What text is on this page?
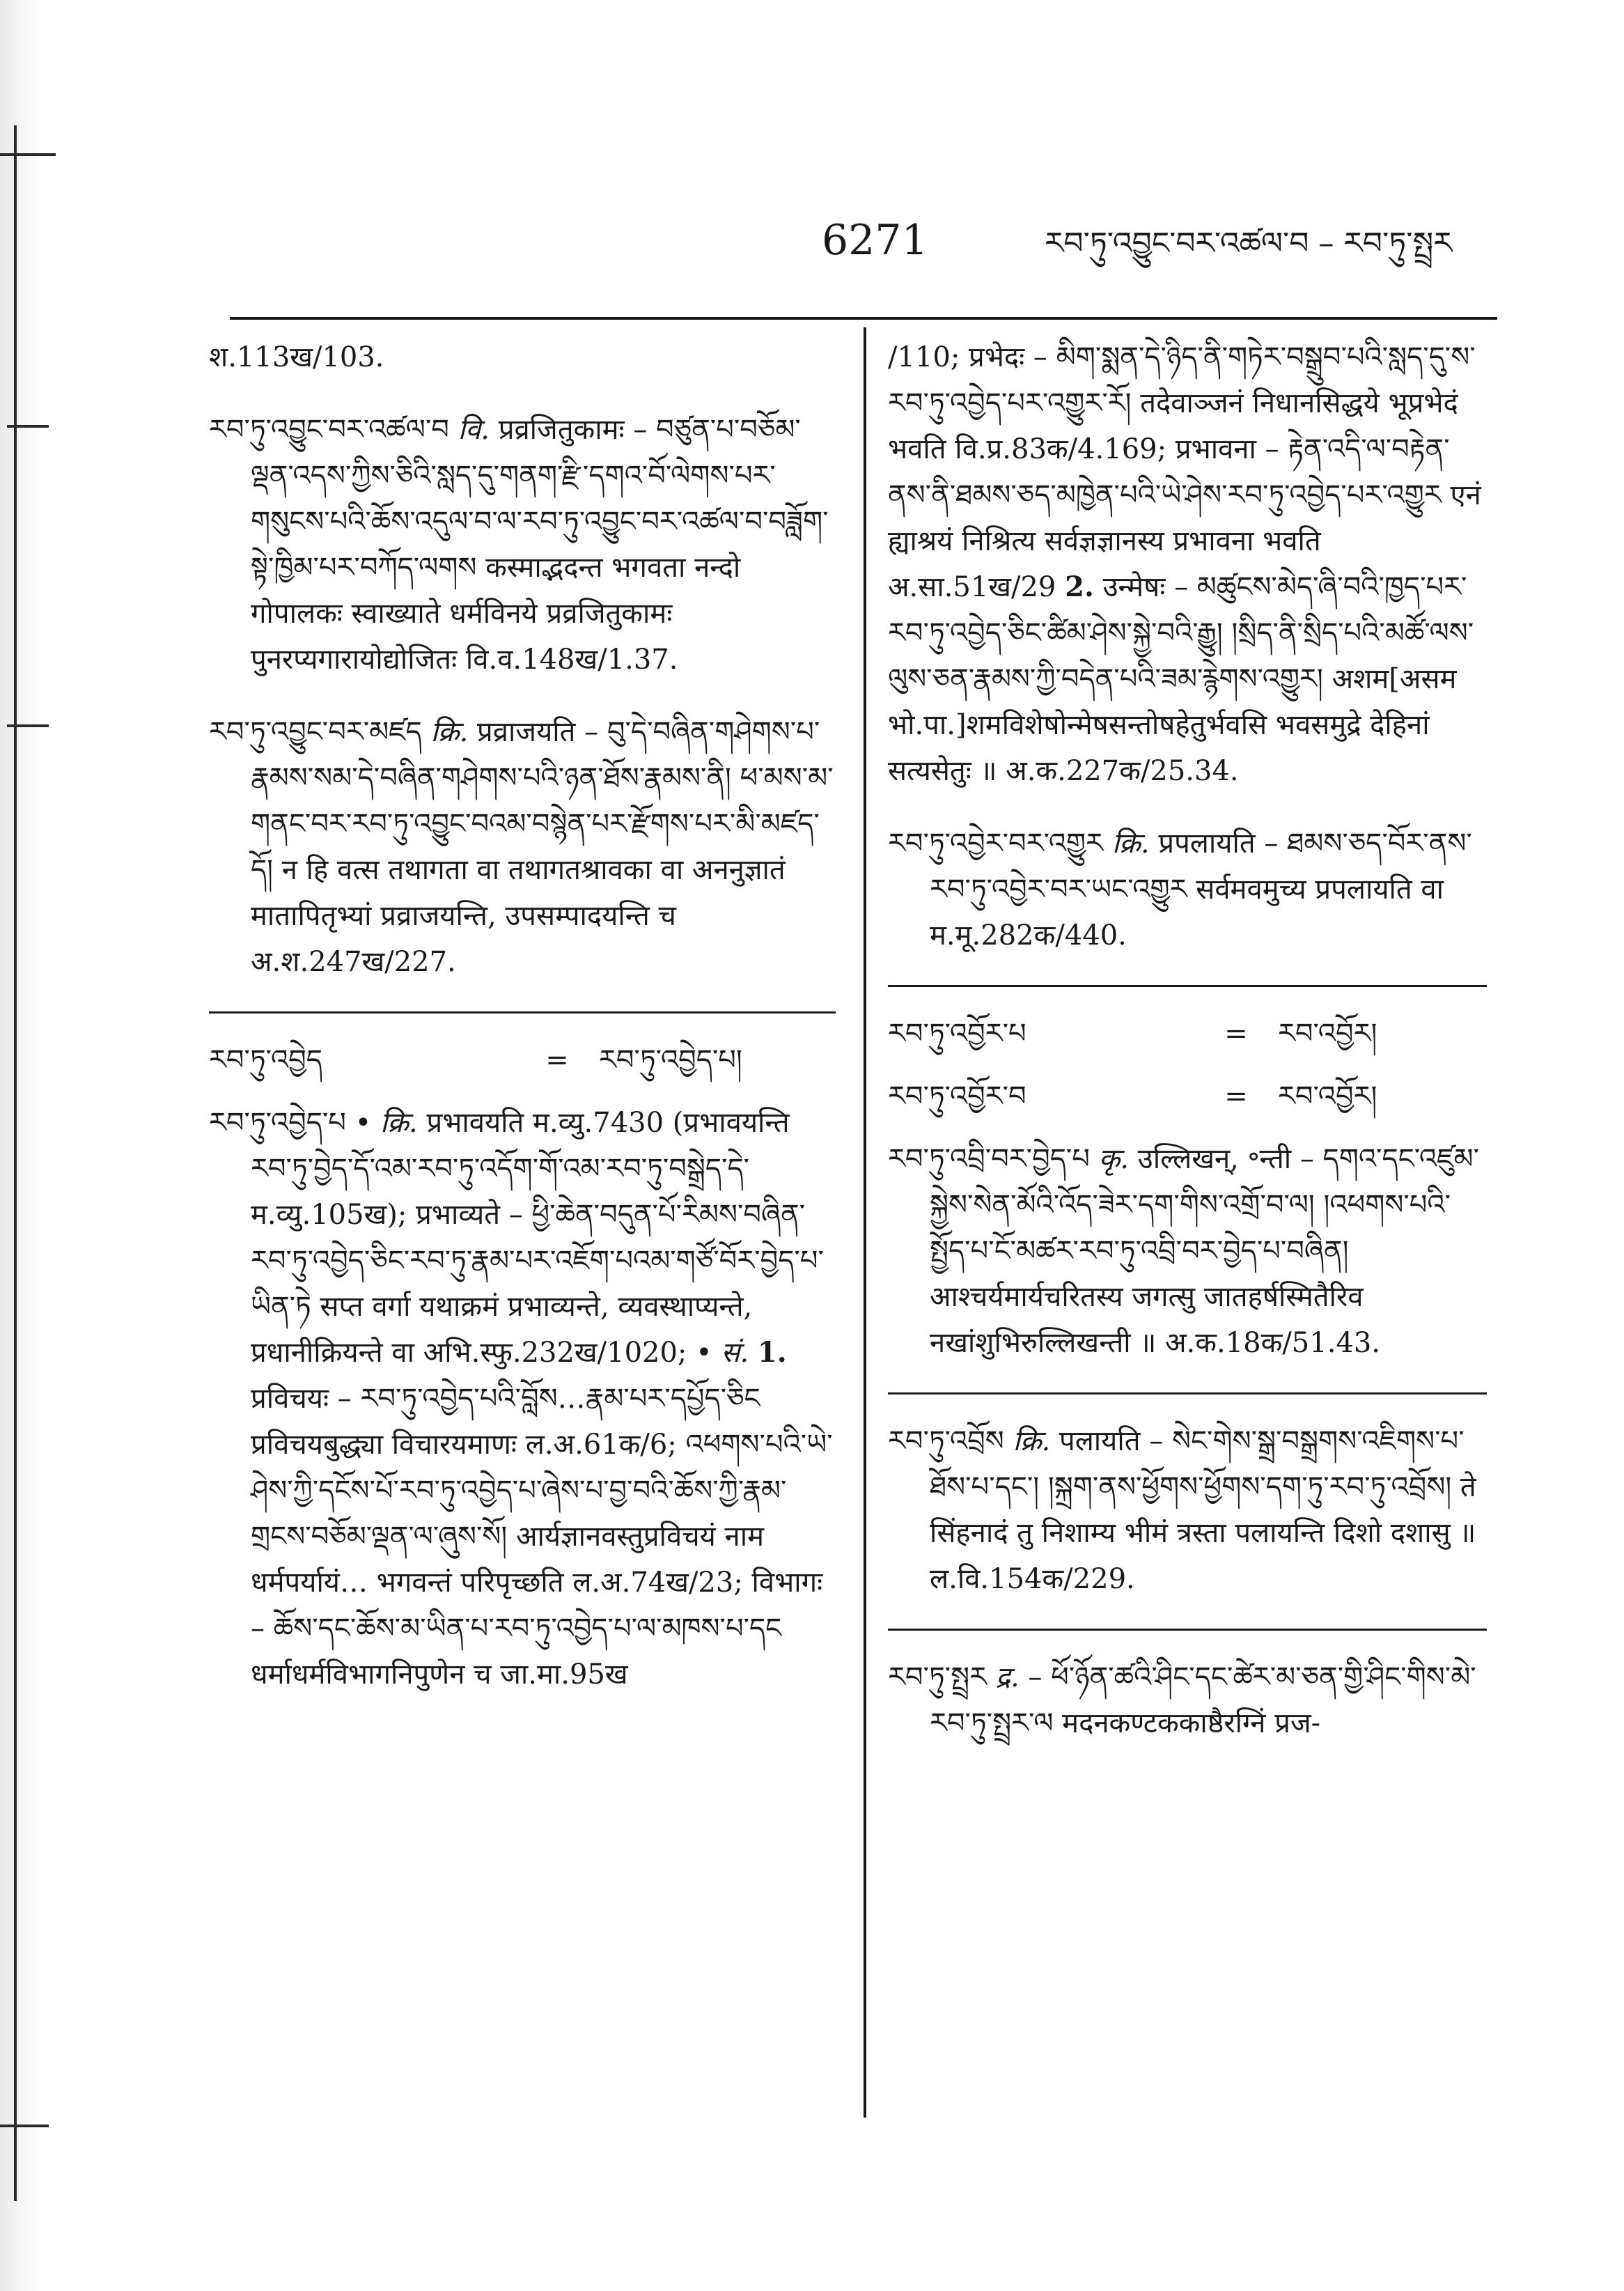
6271	རབ་ཏུ་འབྱུང་བར་འཚལ་བ – རབ་ཏུ་སྤྲར
श.113ख/103.
རབ་ཏུ་འབྱུང་བར་འཚལ་བ वि. प्रव्रजितुकामः – བཙུན་པ་བཅོམ་ལྡན་འདས་ཀྱིས་ཅིའི་སླད་དུ་གནག་རྫི་དགའ་བོ་ལེགས་པར་གསུངས་པའི་ཆོས་འདུལ་བ་ལ་རབ་ཏུ་འབྱུང་བར་འཚལ་བ་བཟློག་སྟེ་ཁྱིམ་པར་བཀོད་ལགས कस्माद्भदन्त भगवता नन्दो गोपालकः स्वाख्याते धर्मविनये प्रव्रजितुकामः पुनरप्यगारायोद्योजितः वि.व.148ख/1.37.
རབ་ཏུ་འབྱུང་བར་མཛད क्रि. प्रव्राजयति – བུ་དེ་བཞིན་གཤེགས་པ་རྣམས་སམ་དེ་བཞིན་གཤེགས་པའི་ཉན་ཐོས་རྣམས་ནི། ཕ་མས་མ་གནང་བར་རབ་ཏུ་འབྱུང་བའམ་བསྙེན་པར་རྫོགས་པར་མི་མཛད་དོ། न हि वत्स तथागता वा तथागतश्रावका वा अननुज्ञातं मातापितृभ्यां प्रव्राजयन्ति, उपसम्पादयन्ति च अ.श.247ख/227.
རབ་ཏུ་འབྱེད	=	རབ་ཏུ་འབྱེད་པ།
རབ་ཏུ་འབྱེད་པ • क्रि. प्रभावयति म.व्यु.7430 (प्रभावयन्ति རབ་ཏུ་བྱེད་དོ་འམ་རབ་ཏུ་འདོག་གོ་འམ་རབ་ཏུ་བསྒྲེད་དེ་ म.व्यु.105ख); प्रभाव्यते – ཕྱི་ཆེན་བདུན་པོ་རིམས་བཞིན་རབ་ཏུ་འབྱེད་ཅིང་རབ་ཏུ་རྣམ་པར་འཇོག་པའམ་གཙོ་བོར་བྱེད་པ་ཡིན་ཏེ सप्त वर्गा यथाक्रमं प्रभाव्यन्ते, व्यवस्थाप्यन्ते, प्रधानीक्रियन्ते वा अभि.स्फु.232ख/1020; • सं. 1. प्रविचयः – རབ་ཏུ་འབྱེད་པའི་བློས…རྣམ་པར་དཔྱོད་ཅིང प्रविचयबुद्ध्या विचारयमाणः ल.अ.61क/6; འཕགས་པའི་ཡེ་ཤེས་ཀྱི་དངོས་པོ་རབ་ཏུ་འབྱེད་པ་ཞེས་པ་བྱ་བའི་ཆོས་ཀྱི་རྣམ་གྲངས་བཅོམ་ལྡན་ལ་ཞུས་སོ། आर्यज्ञानवस्तुप्रविचयं नाम धर्मपर्यायं… भगवन्तं परिपृच्छति ल.अ.74ख/23; विभागः – ཆོས་དང་ཆོས་མ་ཡིན་པ་རབ་ཏུ་འབྱེད་པ་ལ་མཁས་པ་དང धर्माधर्मविभागनिपुणेन च जा.मा.95ख
/110; प्रभेदः – མིག་སྨན་དེ་ཉིད་ནི་གཏེར་བསྒྲུབ་པའི་སླད་དུ་ས་རབ་ཏུ་འབྱེད་པར་འགྱུར་རོ། तदेवाञ्जनं निधानसिद्धये भूप्रभेदं भवति वि.प्र.83क/4.169; प्रभावना – རྟེན་འདི་ལ་བརྟེན་ནས་ནི་ཐམས་ཅད་མཁྱེན་པའི་ཡེ་ཤེས་རབ་ཏུ་འབྱེད་པར་འགྱུར एनं ह्याश्रयं निश्रित्य सर्वज्ञज्ञानस्य प्रभावना भवति अ.सा.51ख/29 2. उन्मेषः – མཚུངས་མེད་ཞི་བའི་ཁྱད་པར་རབ་ཏུ་འབྱེད་ཅིང་ཚིམ་ཤེས་སྐྱེ་བའི་རྒྱུ། །སྲིད་ནི་སྲིད་པའི་མཚོ་ལས་ལུས་ཅན་རྣམས་ཀྱི་བདེན་པའི་ཟམ་རྙེགས་འགྱུར། अशम[असम भो.पा.]शमविशेषोन्मेषसन्तोषहेतुर्भवसि भवसमुद्रे देहिनां सत्यसेतुः ॥ अ.क.227क/25.34.
རབ་ཏུ་འབྱེར་བར་འགྱུར क्रि. प्रपलायति – ཐམས་ཅད་བོར་ནས་རབ་ཏུ་འབྱེར་བར་ཡང་འགྱུར सर्वमवमुच्य प्रपलायति वा म.मू.282क/440.
རབ་ཏུ་འབྱོར་པ	=	རབ་འབྱོར།
རབ་ཏུ་འབྱོར་བ	=	རབ་འབྱོར།
རབ་ཏུ་འབྲི་བར་བྱེད་པ कृ. उल्लिखन्, ॰न्ती – དགའ་དང་འཛུམ་སྐྱེས་སེན་མོའི་འོད་ཟེར་དག་གིས་འགྲོ་བ་ལ། །འཕགས་པའི་སྤྱོད་པ་ངོ་མཚར་རབ་ཏུ་འབྲི་བར་བྱེད་པ་བཞིན། आश्चर्यमार्यचरितस्य जगत्सु जातहर्षस्मितैरिव नखांशुभिरुल्लिखन्ती ॥ अ.क.18क/51.43.
རབ་ཏུ་འབྲོས क्रि. पलायति – སེང་གེས་སྒྲ་བསྒྲགས་འཇིགས་པ་ཐོས་པ་དང་། །སྐྲག་ནས་ཕྱོགས་ཕྱོགས་དག་ཏུ་རབ་ཏུ་འབྲོས། ते सिंहनादं तु निशाम्य भीमं त्रस्ता पलायन्ति दिशो दशासु ॥ ल.वि.154क/229.
རབ་ཏུ་སྤྲར द्र. – ཕོ་ཉོན་ཚའི་ཤིང་དང་ཚེར་མ་ཅན་གྱི་ཤིང་གིས་མེ་རབ་ཏུ་སྤྲར་ལ मदनकण्टककाष्ठैरग्निं प्रज-
